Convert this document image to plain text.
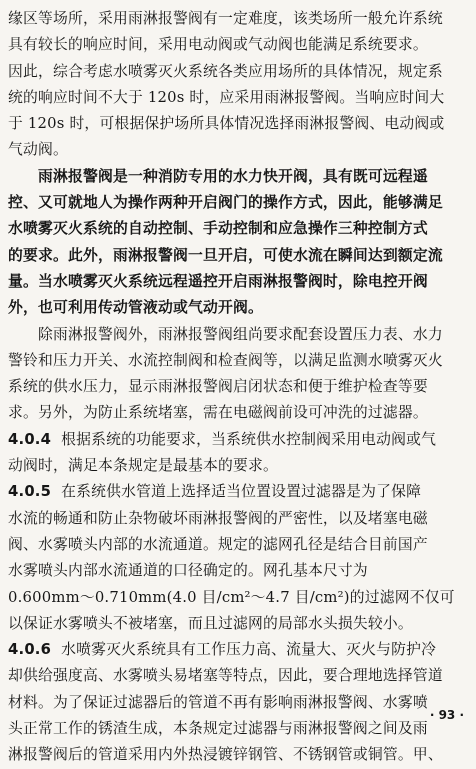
缘区等场所，采用雨淋报警阀有一定难度，该类场所一般允许系统
具有较长的响应时间，采用电动阀或气动阀也能满足系统要求。
因此，综合考虑水喷雾灭火系统各类应用场所的具体情况，规定系
统的响应时间不大于 120s 时，应采用雨淋报警阀。当响应时间大
于 120s 时，可根据保护场所具体情况选择雨淋报警阀、电动阀或
气动阀。
雨淋报警阀是一种消防专用的水力快开阀，具有既可远程遥
控、又可就地人为操作两种开启阀门的操作方式，因此，能够满足
水喷雾灭火系统的自动控制、手动控制和应急操作三种控制方式
的要求。此外，雨淋报警阀一旦开启，可使水流在瞬间达到额定流
量。当水喷雾灭火系统远程遥控开启雨淋报警阀时，除电控开阀
外，也可利用传动管液动或气动开阀。
除雨淋报警阀外，雨淋报警阀组尚要求配套设置压力表、水力
警铃和压力开关、水流控制阀和检查阀等，以满足监测水喷雾灭火
系统的供水压力，显示雨淋报警阀启闭状态和便于维护检查等要
求。另外，为防止系统堵塞，需在电磁阀前设可冲洗的过滤器。
4.0.4 根据系统的功能要求，当系统供水控制阀采用电动阀或气
动阀时，满足本条规定是最基本的要求。
4.0.5 在系统供水管道上选择适当位置设置过滤器是为了保障
水流的畅通和防止杂物破坏雨淋报警阀的严密性，以及堵塞电磁
阀、水雾喷头内部的水流通道。规定的滤网孔径是结合目前国产
水雾喷头内部水流通道的口径确定的。网孔基本尺寸为
0.600mm～0.710mm(4.0 目/cm²～4.7 目/cm²)的过滤网不仅可
以保证水雾喷头不被堵塞，而且过滤网的局部水头损失较小。
4.0.6 水喷雾灭火系统具有工作压力高、流量大、灭火与防护冷
却供给强度高、水雾喷头易堵塞等特点，因此，要合理地选择管道
材料。为了保证过滤器后的管道不再有影响雨淋报警阀、水雾喷
头正常工作的锈渣生成，本条规定过滤器与雨淋报警阀之间及雨
淋报警阀后的管道采用内外热浸镀锌钢管、不锈钢管或铜管。甲、
· 93 ·
